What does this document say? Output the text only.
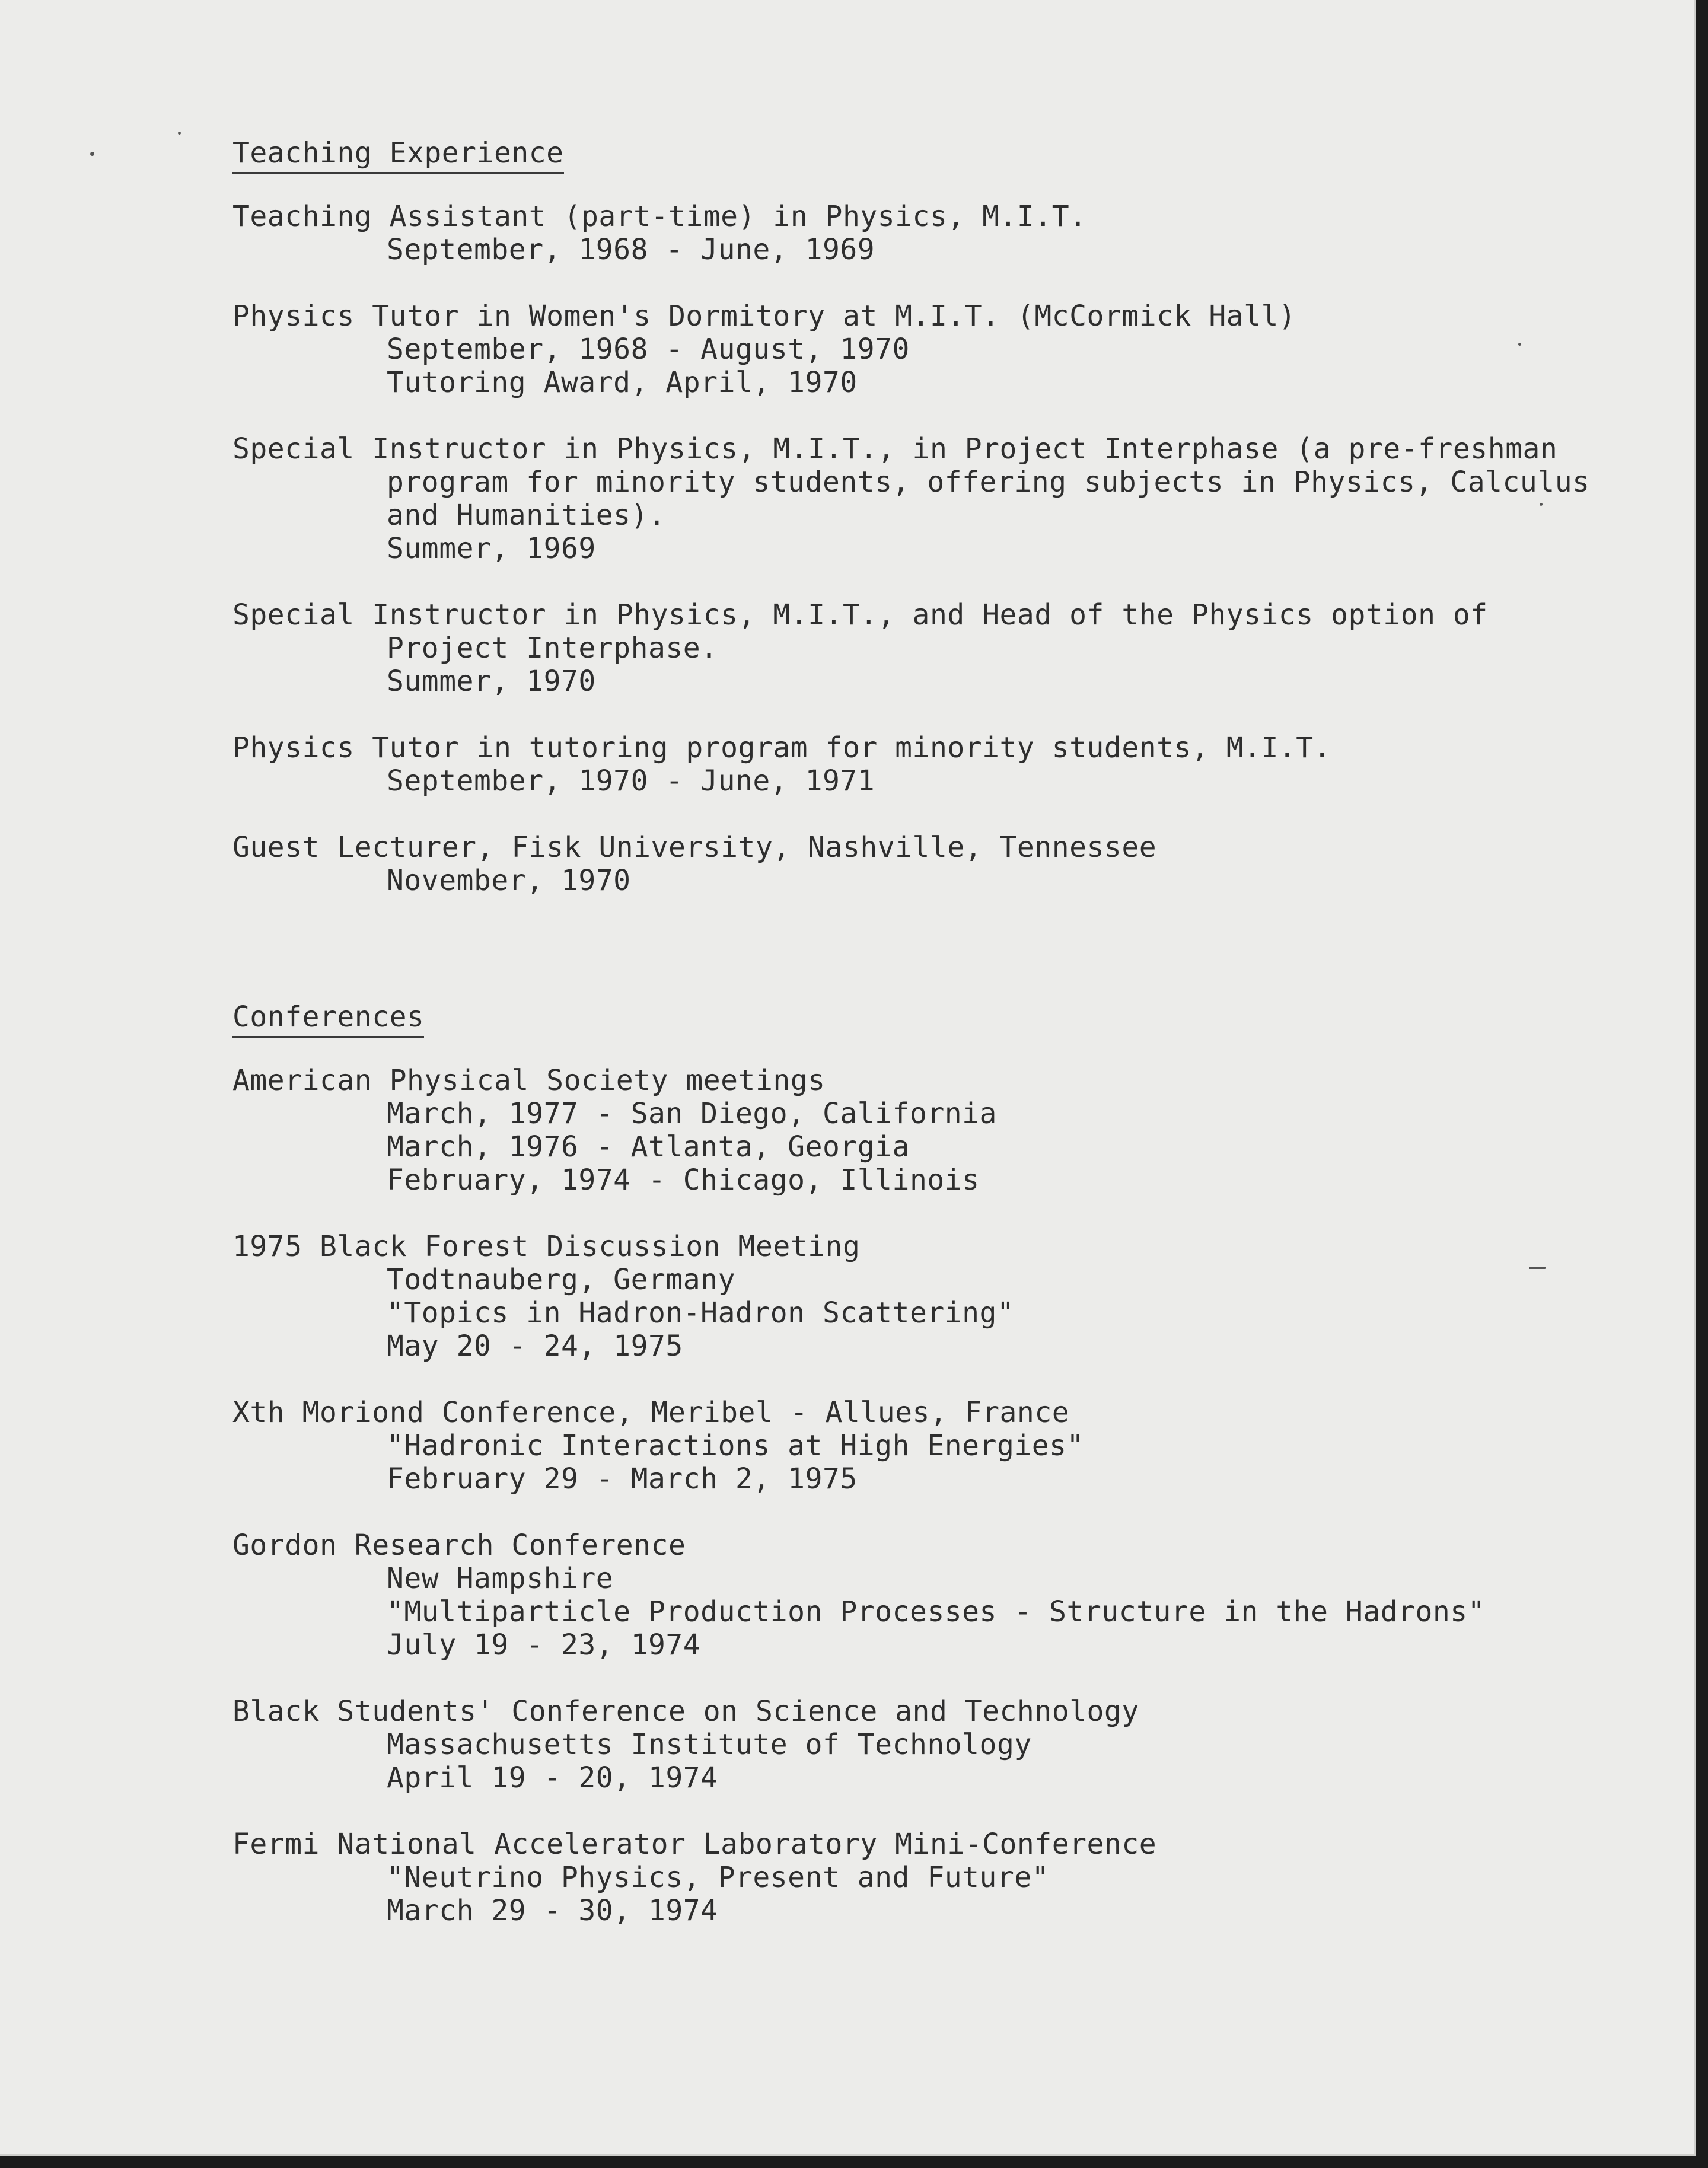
Teaching Experience
Teaching Assistant (part-time) in Physics, M.I.T.
September, 1968 - June, 1969
Physics Tutor in Women's Dormitory at M.I.T. (McCormick Hall)
September, 1968 - August, 1970
Tutoring Award, April, 1970
Special Instructor in Physics, M.I.T., in Project Interphase (a pre-freshman
program for minority students, offering subjects in Physics, Calculus
and Humanities).
Summer, 1969
Special Instructor in Physics, M.I.T., and Head of the Physics option of
Project Interphase.
Summer, 1970
Physics Tutor in tutoring program for minority students, M.I.T.
September, 1970 - June, 1971
Guest Lecturer, Fisk University, Nashville, Tennessee
November, 1970
Conferences
American Physical Society meetings
March, 1977 - San Diego, California
March, 1976 - Atlanta, Georgia
February, 1974 - Chicago, Illinois
1975 Black Forest Discussion Meeting
Todtnauberg, Germany
"Topics in Hadron-Hadron Scattering"
May 20 - 24, 1975
Xth Moriond Conference, Meribel - Allues, France
"Hadronic Interactions at High Energies"
February 29 - March 2, 1975
Gordon Research Conference
New Hampshire
"Multiparticle Production Processes - Structure in the Hadrons"
July 19 - 23, 1974
Black Students' Conference on Science and Technology
Massachusetts Institute of Technology
April 19 - 20, 1974
Fermi National Accelerator Laboratory Mini-Conference
"Neutrino Physics, Present and Future"
March 29 - 30, 1974
